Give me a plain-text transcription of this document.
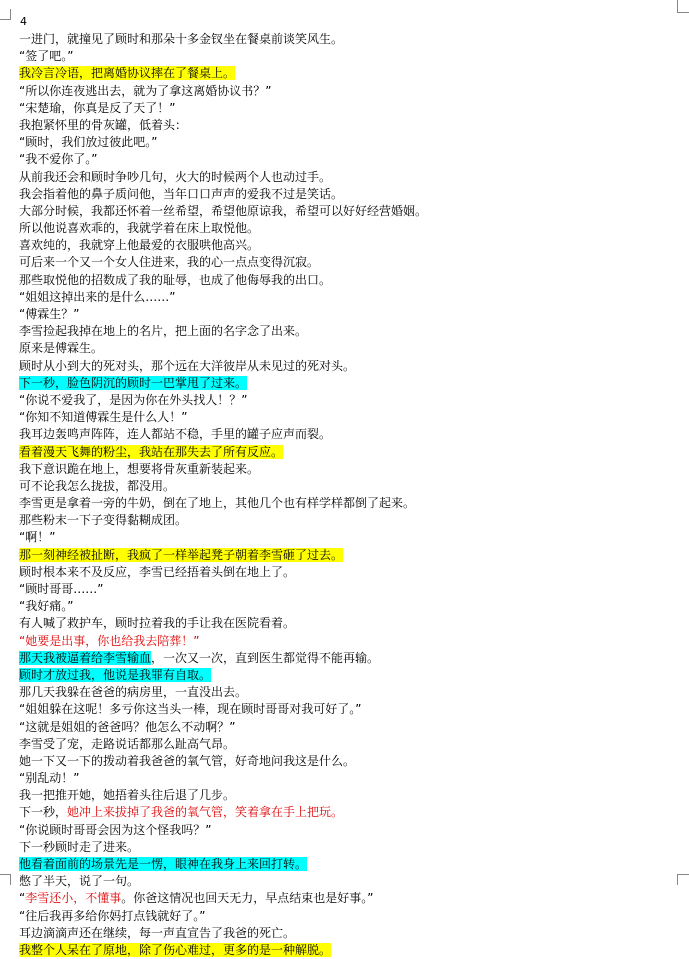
4
一进门，就撞见了顾时和那朵十多金钗坐在餐桌前谈笑风生。
“签了吧。”
我冷言冷语，把离婚协议摔在了餐桌上。
“所以你连夜逃出去，就为了拿这离婚协议书？”
“宋楚瑜，你真是反了天了！”
我抱紧怀里的骨灰罐，低着头：
“顾时，我们放过彼此吧。”
“我不爱你了。”
从前我还会和顾时争吵几句，火大的时候两个人也动过手。
我会指着他的鼻子质问他，当年口口声声的爱我不过是笑话。
大部分时候，我都还怀着一丝希望，希望他原谅我，希望可以好好经营婚姻。
所以他说喜欢乖的，我就学着在床上取悦他。
喜欢纯的，我就穿上他最爱的衣服哄他高兴。
可后来一个又一个女人住进来，我的心一点点变得沉寂。
那些取悦他的招数成了我的耻辱，也成了他侮辱我的出口。
“姐姐这掉出来的是什么……”
“傅霖生？”
李雪捡起我掉在地上的名片，把上面的名字念了出来。
原来是傅霖生。
顾时从小到大的死对头，那个远在大洋彼岸从未见过的死对头。
下一秒，脸色阴沉的顾时一巴掌甩了过来。
“你说不爱我了，是因为你在外头找人！？”
“你知不知道傅霖生是什么人！”
我耳边轰鸣声阵阵，连人都站不稳，手里的罐子应声而裂。
看着漫天飞舞的粉尘，我站在那失去了所有反应。
我下意识跪在地上，想要将骨灰重新装起来。
可不论我怎么拢拔，都没用。
李雪更是拿着一旁的牛奶，倒在了地上，其他几个也有样学样都倒了起来。
那些粉末一下子变得黏糊成团。
“啊！”
那一刻神经被扯断，我疯了一样举起凳子朝着李雪砸了过去。
顾时根本来不及反应，李雪已经捂着头倒在地上了。
“顾时哥哥……”
“我好痛。”
有人喊了救护车，顾时拉着我的手让我在医院看着。
“她要是出事，你也给我去陪葬！”
那天我被逼着给李雪输血，一次又一次，直到医生都觉得不能再输。
顾时才放过我，他说是我罪有自取。
那几天我躲在爸爸的病房里，一直没出去。
“姐姐躲在这呢！多亏你这当头一棒，现在顾时哥哥对我可好了。”
“这就是姐姐的爸爸吗？他怎么不动啊？”
李雪受了宠，走路说话都那么趾高气昂。
她一下又一下的拨动着我爸爸的氧气管，好奇地问我这是什么。
“别乱动！”
我一把推开她，她捂着头往后退了几步。
下一秒，她冲上来拔掉了我爸的氧气管，笑着拿在手上把玩。
“你说顾时哥哥会因为这个怪我吗？”
下一秒顾时走了进来。
他看着面前的场景先是一愣，眼神在我身上来回打转。
憋了半天，说了一句。
“李雪还小，不懂事。你爸这情况也回天无力，早点结束也是好事。”
“往后我再多给你妈打点钱就好了。”
耳边滴滴声还在继续，每一声直宣告了我爸的死亡。
我整个人呆在了原地，除了伤心难过，更多的是一种解脱。
